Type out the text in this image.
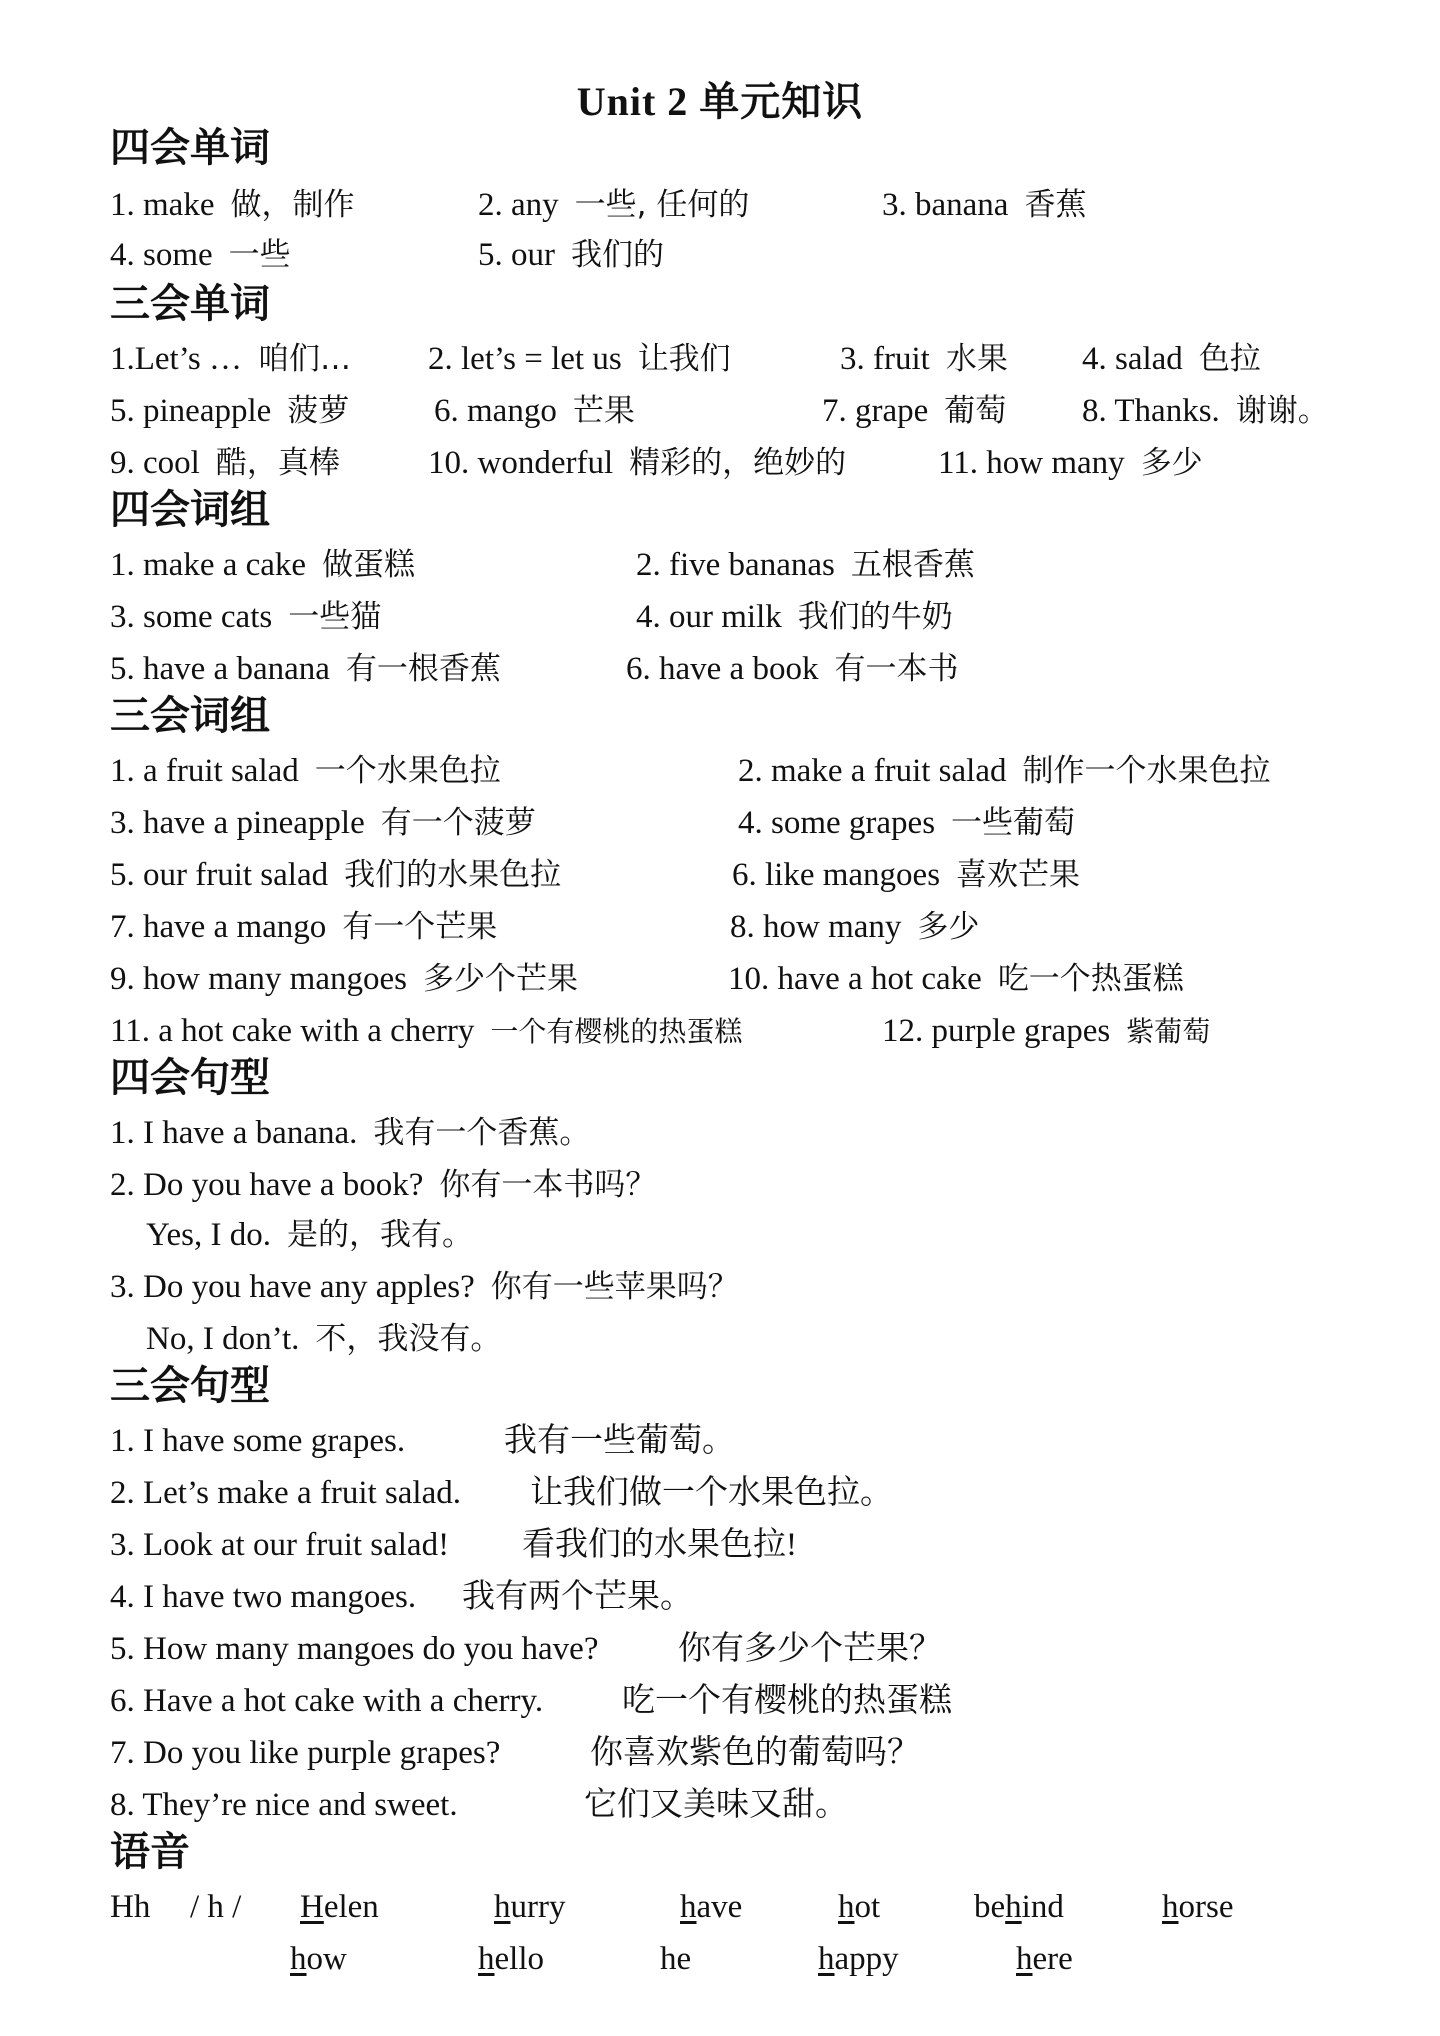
Unit 2 单元知识
四会单词
1. make 做，制作	2. any 一些, 任何的	3. banana 香蕉
4. some 一些	5. our 我们的
三会单词
1.Let’s … 咱们… 2. let’s = let us 让我们	3. fruit 水果 4. salad 色拉
5. pineapple 菠萝	6. mango 芒果	7. grape 葡萄 8. Thanks. 谢谢。
9. cool 酷，真棒	10. wonderful 精彩的，绝妙的	11. how many 多少
四会词组
1. make a cake 做蛋糕	2. five bananas 五根香蕉
3. some cats 一些猫	4. our milk 我们的牛奶
5. have a banana 有一根香蕉	6. have a book 有一本书
三会词组
1. a fruit salad 一个水果色拉	2. make a fruit salad 制作一个水果色拉
3. have a pineapple 有一个菠萝	4. some grapes 一些葡萄
5. our fruit salad 我们的水果色拉	6. like mangoes 喜欢芒果
7. have a mango 有一个芒果	8. how many 多少
9. how many mangoes 多少个芒果	10. have a hot cake 吃一个热蛋糕
11. a hot cake with a cherry 一个有樱桃的热蛋糕	12. purple grapes 紫葡萄
四会句型
1. I have a banana. 我有一个香蕉。
2. Do you have a book? 你有一本书吗？
Yes, I do. 是的，我有。
3. Do you have any apples? 你有一些苹果吗？
No, I don’t. 不，我没有。
三会句型
1. I have some grapes.	我有一些葡萄。
2. Let’s make a fruit salad. 让我们做一个水果色拉。
3. Look at our fruit salad! 看我们的水果色拉!
4. I have two mangoes. 我有两个芒果。
5. How many mangoes do you have? 你有多少个芒果？
6. Have a hot cake with a cherry. 吃一个有樱桃的热蛋糕
7. Do you like purple grapes?	你喜欢紫色的葡萄吗？
8. They’re nice and sweet.	它们又美味又甜。
语音
Hh / h / Helen	hurry	have	hot	behind	horse
how	hello	he	happy	here
